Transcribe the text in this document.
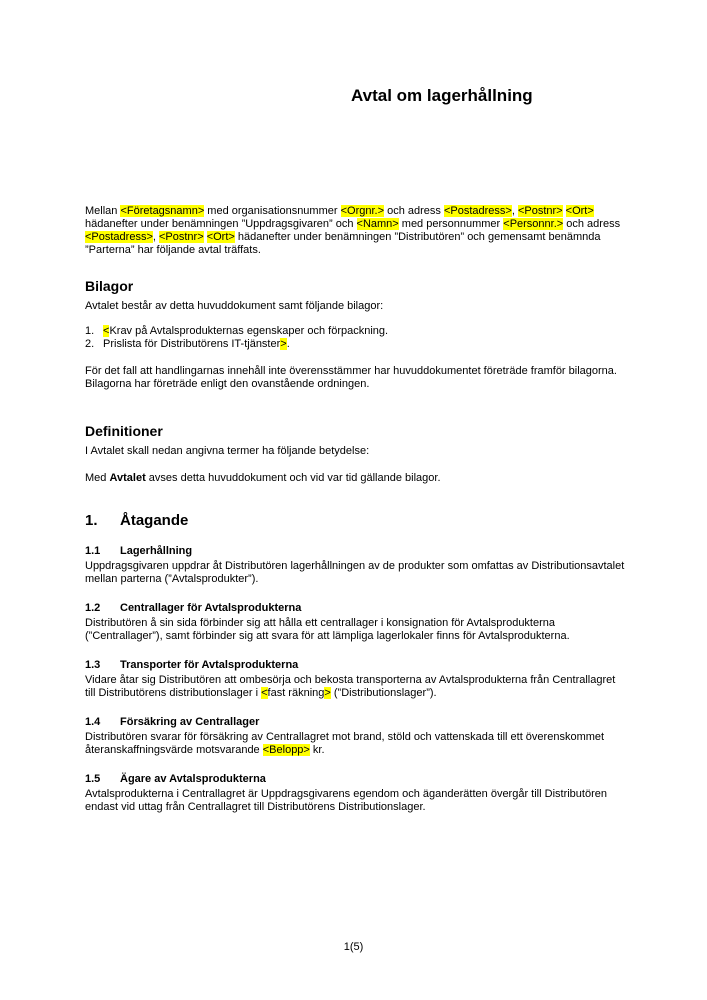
Avtal om lagerhållning

Mellan <Företagsnamn> med organisationsnummer <Orgnr.> och adress <Postadress>, <Postnr> <Ort> hädanefter under benämningen ”Uppdragsgivaren” och <Namn> med personnummer <Personnr.> och adress <Postadress>, <Postnr> <Ort> hädanefter under benämningen ”Distributören” och gemensamt benämnda ”Parterna” har följande avtal träffats.

Bilagor

Avtalet består av detta huvuddokument samt följande bilagor:

1. <Krav på Avtalsprodukternas egenskaper och förpackning.
2. Prislista för Distributörens IT-tjänster>.

För det fall att handlingarnas innehåll inte överensstämmer har huvuddokumentet företräde framför bilagorna. Bilagorna har företräde enligt den ovanstående ordningen.

Definitioner

I Avtalet skall nedan angivna termer ha följande betydelse:

Med Avtalet avses detta huvuddokument och vid var tid gällande bilagor.

1.	Åtagande
1.1	Lagerhållning

Uppdragsgivaren uppdrar åt Distributören lagerhållningen av de produkter som omfattas av Distributionsavtalet mellan parterna (”Avtalsprodukter”).

1.2	Centrallager för Avtalsprodukterna

Distributören å sin sida förbinder sig att hålla ett centrallager i konsignation för Avtalsprodukterna (”Centrallager”), samt förbinder sig att svara för att lämpliga lagerlokaler finns för Avtalsprodukterna.

1.3	Transporter för Avtalsprodukterna

Vidare åtar sig Distributören att ombesörja och bekosta transporterna av Avtalsprodukterna från Centrallagret till Distributörens distributionslager i <fast räkning> (”Distributionslager”).

1.4	Försäkring av Centrallager

Distributören svarar för försäkring av Centrallagret mot brand, stöld och vattenskada till ett överenskommet återanskaffningsvärde motsvarande <Belopp> kr.

1.5	Ägare av Avtalsprodukterna

Avtalsprodukterna i Centrallagret är Uppdragsgivarens egendom och äganderätten övergår till Distributören endast vid uttag från Centrallagret till Distributörens Distributionslager.

1(5)
